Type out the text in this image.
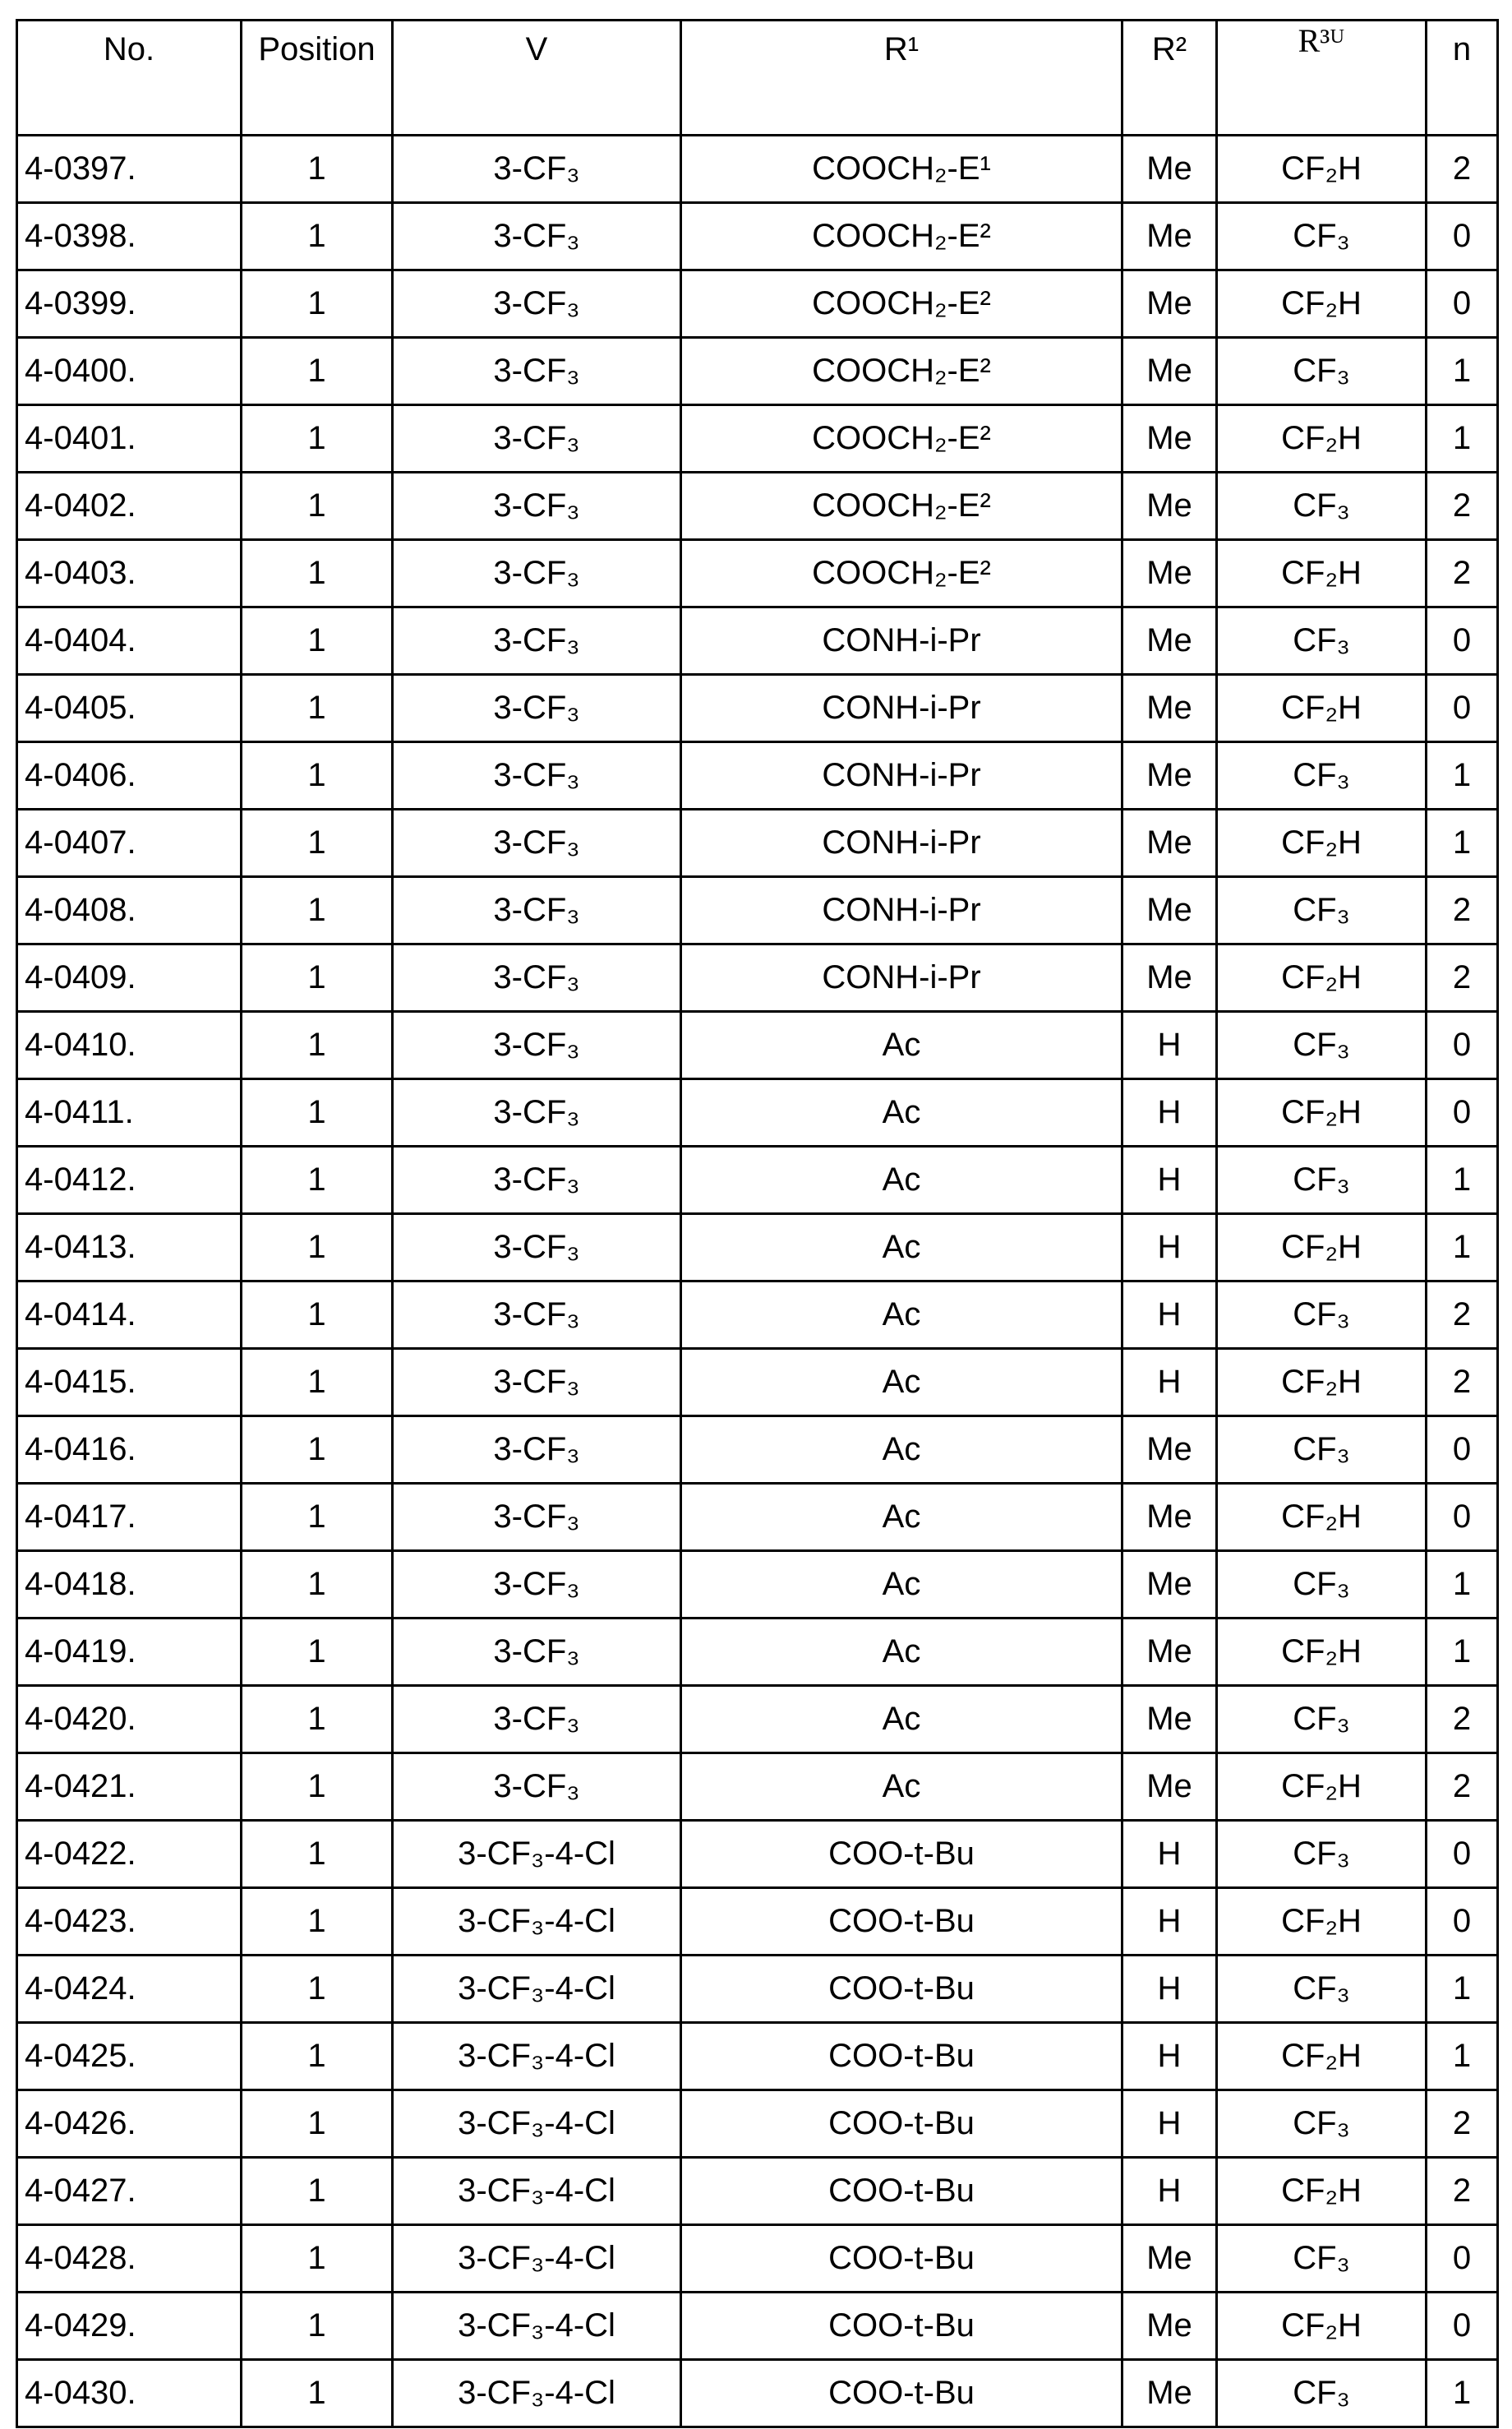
No.	Position	V	R¹	R²	R³ᵁ	n
4-0397.	1	3-CF₃	COOCH₂-E¹	Me	CF₂H	2
4-0398.	1	3-CF₃	COOCH₂-E²	Me	CF₃	0
4-0399.	1	3-CF₃	COOCH₂-E²	Me	CF₂H	0
4-0400.	1	3-CF₃	COOCH₂-E²	Me	CF₃	1
4-0401.	1	3-CF₃	COOCH₂-E²	Me	CF₂H	1
4-0402.	1	3-CF₃	COOCH₂-E²	Me	CF₃	2
4-0403.	1	3-CF₃	COOCH₂-E²	Me	CF₂H	2
4-0404.	1	3-CF₃	CONH-i-Pr	Me	CF₃	0
4-0405.	1	3-CF₃	CONH-i-Pr	Me	CF₂H	0
4-0406.	1	3-CF₃	CONH-i-Pr	Me	CF₃	1
4-0407.	1	3-CF₃	CONH-i-Pr	Me	CF₂H	1
4-0408.	1	3-CF₃	CONH-i-Pr	Me	CF₃	2
4-0409.	1	3-CF₃	CONH-i-Pr	Me	CF₂H	2
4-0410.	1	3-CF₃	Ac	H	CF₃	0
4-0411.	1	3-CF₃	Ac	H	CF₂H	0
4-0412.	1	3-CF₃	Ac	H	CF₃	1
4-0413.	1	3-CF₃	Ac	H	CF₂H	1
4-0414.	1	3-CF₃	Ac	H	CF₃	2
4-0415.	1	3-CF₃	Ac	H	CF₂H	2
4-0416.	1	3-CF₃	Ac	Me	CF₃	0
4-0417.	1	3-CF₃	Ac	Me	CF₂H	0
4-0418.	1	3-CF₃	Ac	Me	CF₃	1
4-0419.	1	3-CF₃	Ac	Me	CF₂H	1
4-0420.	1	3-CF₃	Ac	Me	CF₃	2
4-0421.	1	3-CF₃	Ac	Me	CF₂H	2
4-0422.	1	3-CF₃-4-Cl	COO-t-Bu	H	CF₃	0
4-0423.	1	3-CF₃-4-Cl	COO-t-Bu	H	CF₂H	0
4-0424.	1	3-CF₃-4-Cl	COO-t-Bu	H	CF₃	1
4-0425.	1	3-CF₃-4-Cl	COO-t-Bu	H	CF₂H	1
4-0426.	1	3-CF₃-4-Cl	COO-t-Bu	H	CF₃	2
4-0427.	1	3-CF₃-4-Cl	COO-t-Bu	H	CF₂H	2
4-0428.	1	3-CF₃-4-Cl	COO-t-Bu	Me	CF₃	0
4-0429.	1	3-CF₃-4-Cl	COO-t-Bu	Me	CF₂H	0
4-0430.	1	3-CF₃-4-Cl	COO-t-Bu	Me	CF₃	1
